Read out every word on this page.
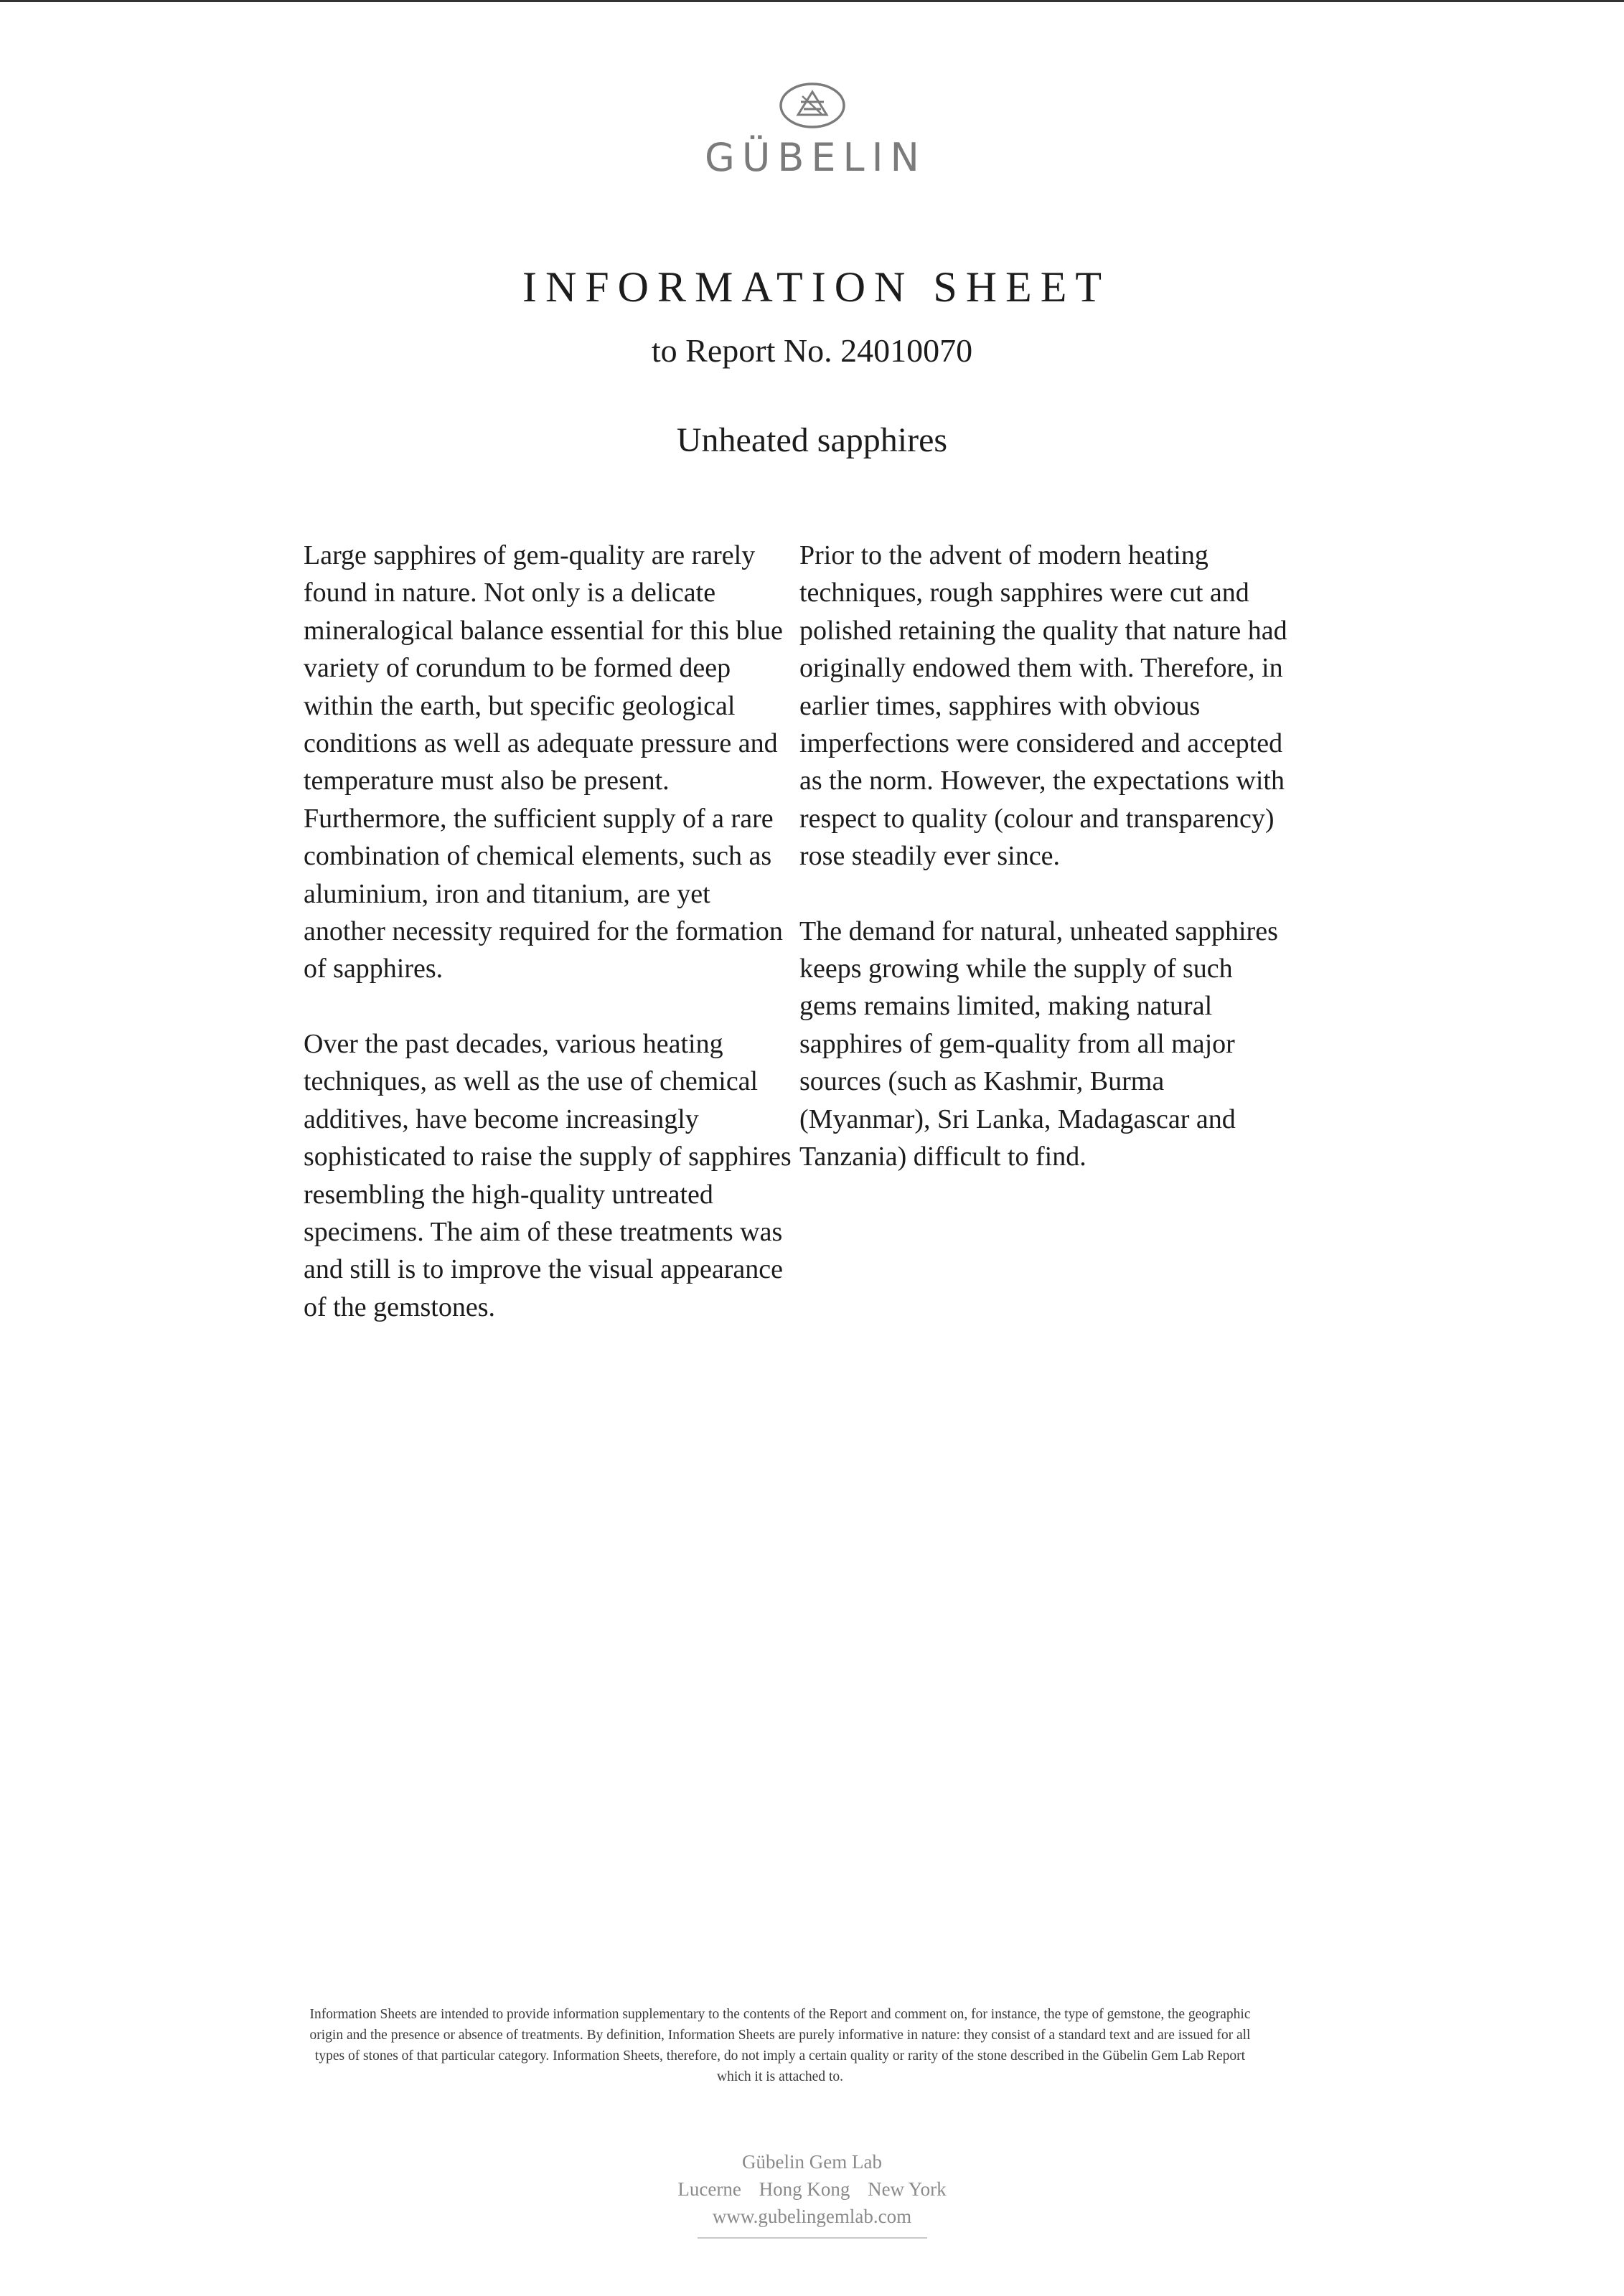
GÜBELIN
INFORMATION SHEET
to Report No. 24010070
Unheated sapphires

Large sapphires of gem-quality are rarely found in nature. Not only is a delicate mineralogical balance essential for this blue variety of corundum to be formed deep within the earth, but specific geological conditions as well as adequate pressure and temperature must also be present. Furthermore, the sufficient supply of a rare combination of chemical elements, such as aluminium, iron and titanium, are yet another necessity required for the formation of sapphires.

Over the past decades, various heating techniques, as well as the use of chemical additives, have become increasingly sophisticated to raise the supply of sapphires resembling the high-quality untreated specimens. The aim of these treatments was and still is to improve the visual appearance of the gemstones.

Prior to the advent of modern heating techniques, rough sapphires were cut and polished retaining the quality that nature had originally endowed them with. Therefore, in earlier times, sapphires with obvious imperfections were considered and accepted as the norm. However, the expectations with respect to quality (colour and transparency) rose steadily ever since.

The demand for natural, unheated sapphires keeps growing while the supply of such gems remains limited, making natural sapphires of gem-quality from all major sources (such as Kashmir, Burma (Myanmar), Sri Lanka, Madagascar and Tanzania) difficult to find.

Information Sheets are intended to provide information supplementary to the contents of the Report and comment on, for instance, the type of gemstone, the geographic origin and the presence or absence of treatments. By definition, Information Sheets are purely informative in nature: they consist of a standard text and are issued for all types of stones of that particular category. Information Sheets, therefore, do not imply a certain quality or rarity of the stone described in the Gübelin Gem Lab Report which it is attached to.

Gübelin Gem Lab
Lucerne Hong Kong New York
www.gubelingemlab.com
